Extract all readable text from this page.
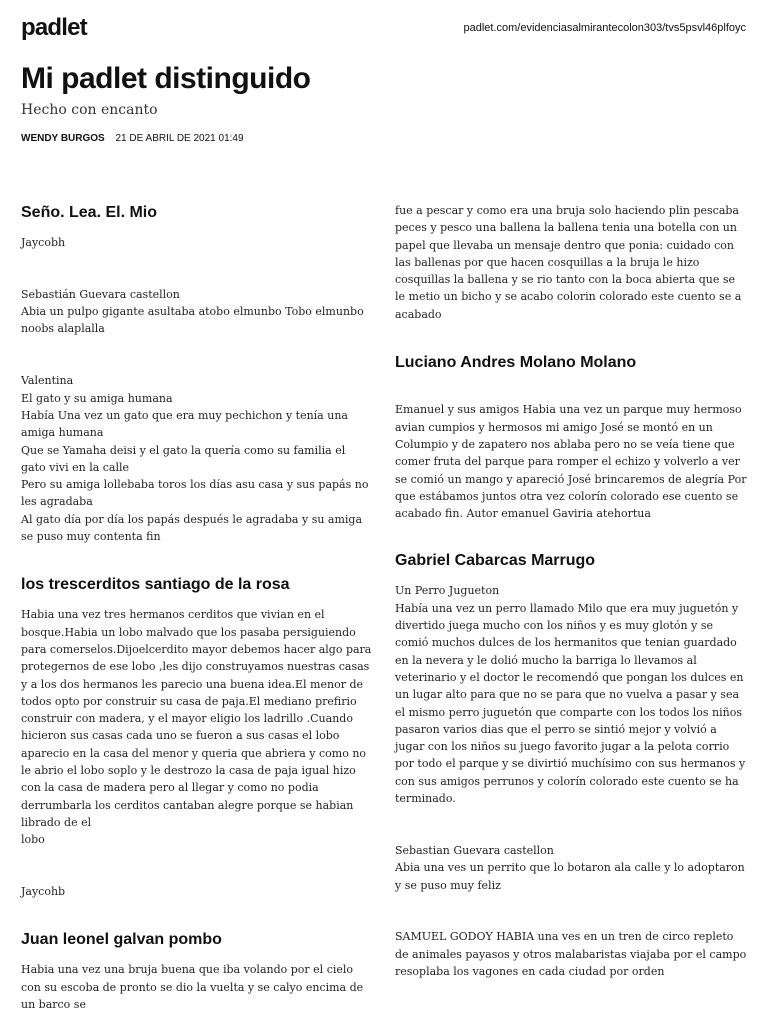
padlet	padlet.com/evidenciasalmirantecolon303/tvs5psvl46plfoyc
Mi padlet distinguido
Hecho con encanto
WENDY BURGOS 21 DE ABRIL DE 2021 01:49
Seño. Lea. El. Mio
Jaycobh

Sebastián Guevara castellon
Abia un pulpo gigante asultaba atobo elmunbo Tobo elmunbo noobs alaplalla

Valentina
El gato y su amiga humana
Había Una vez un gato que era muy pechichon y tenía una amiga humana
Que se Yamaha deisi y el gato la quería como su familia el gato vivi en la calle
Pero su amiga lollebaba toros los días asu casa y sus papás no les agradaba
Al gato día por día los papás después le agradaba y su amiga se puso muy contenta fin
los trescerditos santiago de la rosa
Habia una vez tres hermanos cerditos que vivian en el bosque.Habia un lobo malvado que los pasaba persiguiendo para comerselos.Dijoelcerdito mayor debemos hacer algo para protegernos de ese lobo ,les dijo construyamos nuestras casas y a los dos hermanos les parecio una buena idea.El menor de todos opto por construir su casa de paja.El mediano prefirio construir con madera, y el mayor eligio los ladrillo .Cuando hicieron sus casas cada uno se fueron a sus casas el lobo aparecio en la casa del menor y queria que abriera y como no le abrio el lobo soplo y le destrozo la casa de paja igual hizo con la casa de madera pero al llegar y como no podia derrumbarla los cerditos cantaban alegre porque se habian librado de el
lobo

Jaycohb
Juan leonel galvan pombo
Habia una vez una bruja buena que iba volando por el cielo con su escoba de pronto se dio la vuelta y se calyo encima de un barco se
fue a pescar y como era una bruja solo haciendo plin pescaba peces y pesco una ballena la ballena tenia una botella con un papel que llevaba un mensaje dentro que ponia: cuidado con las ballenas por que hacen cosquillas a la bruja le hizo cosquillas la ballena y se rio tanto con la boca abierta que se le metio un bicho y se acabo colorin colorado este cuento se a acabado
Luciano Andres Molano Molano

Emanuel y sus amigos Habia una vez un parque muy hermoso avian cumpios y hermosos mi amigo José se montó en un Columpio y de zapatero nos ablaba pero no se veía tiene que comer fruta del parque para romper el echizo y volverlo a ver se comió un mango y apareció José brincaremos de alegría Por que estábamos juntos otra vez colorín colorado ese cuento se acabado fin. Autor emanuel Gaviria atehortua
Gabriel Cabarcas Marrugo
Un Perro Jugueton
Había una vez un perro llamado Milo que era muy juguetón y divertido juega mucho con los niños y es muy glotón y se comió muchos dulces de los hermanitos que tenian guardado en la nevera y le dolió mucho la barriga lo llevamos al veterinario y el doctor le recomendó que pongan los dulces en un lugar alto para que no se para que no vuelva a pasar y sea el mismo perro juguetón que comparte con los todos los niños pasaron varios dias que el perro se sintió mejor y volvió a jugar con los niños su juego favorito jugar a la pelota corrio por todo el parque y se divirtió muchísimo con sus hermanos y con sus amigos perrunos y colorín colorado este cuento se ha terminado.

Sebastian Guevara castellon
Abia una ves un perrito que lo botaron ala calle y lo adoptaron y se puso muy feliz

SAMUEL GODOY HABIA una ves en un tren de circo repleto de animales payasos y otros malabaristas viajaba por el campo resoplaba los vagones en cada ciudad por orden
